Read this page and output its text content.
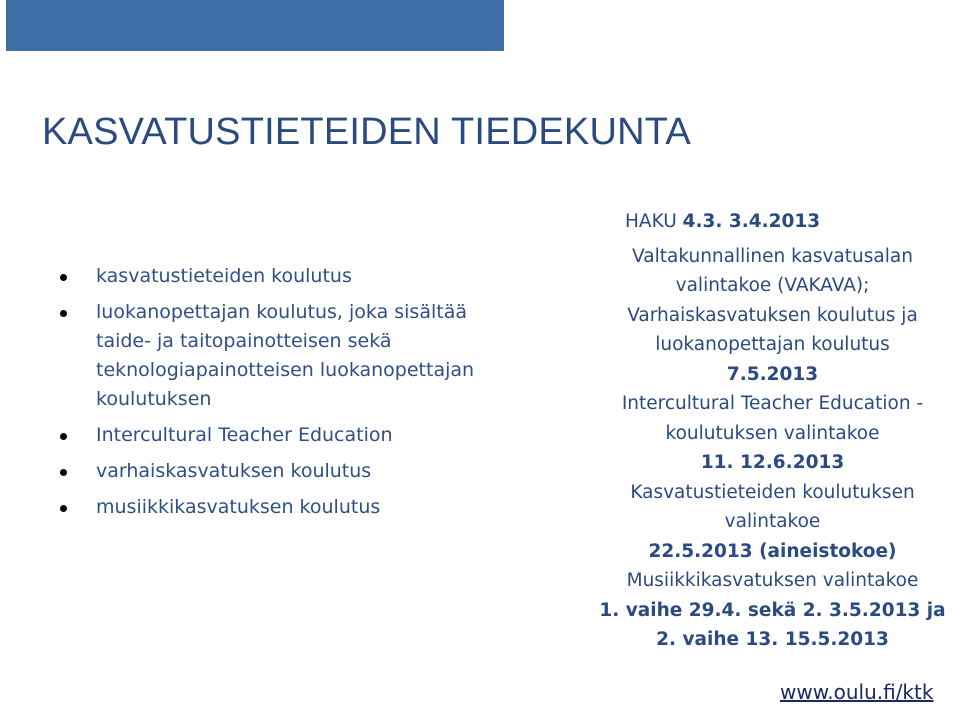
KASVATUSTIETEIDEN TIEDEKUNTA
kasvatustieteiden koulutus
luokanopettajan koulutus, joka sisältää taide- ja taitopainotteisen sekä teknologiapainotteisen luokanopettajan koulutuksen
Intercultural Teacher Education
varhaiskasvatuksen koulutus
musiikkikasvatuksen koulutus
HAKU 4.3. 3.4.2013
Valtakunnallinen kasvatusalan
valintakoe (VAKAVA);
Varhaiskasvatuksen koulutus ja
luokanopettajan koulutus
7.5.2013
Intercultural Teacher Education -
koulutuksen valintakoe
11. 12.6.2013
Kasvatustieteiden koulutuksen
valintakoe
22.5.2013 (aineistokoe)
Musiikkikasvatuksen valintakoe
1. vaihe 29.4. sekä 2. 3.5.2013 ja
2. vaihe 13. 15.5.2013
www.oulu.fi/ktk
